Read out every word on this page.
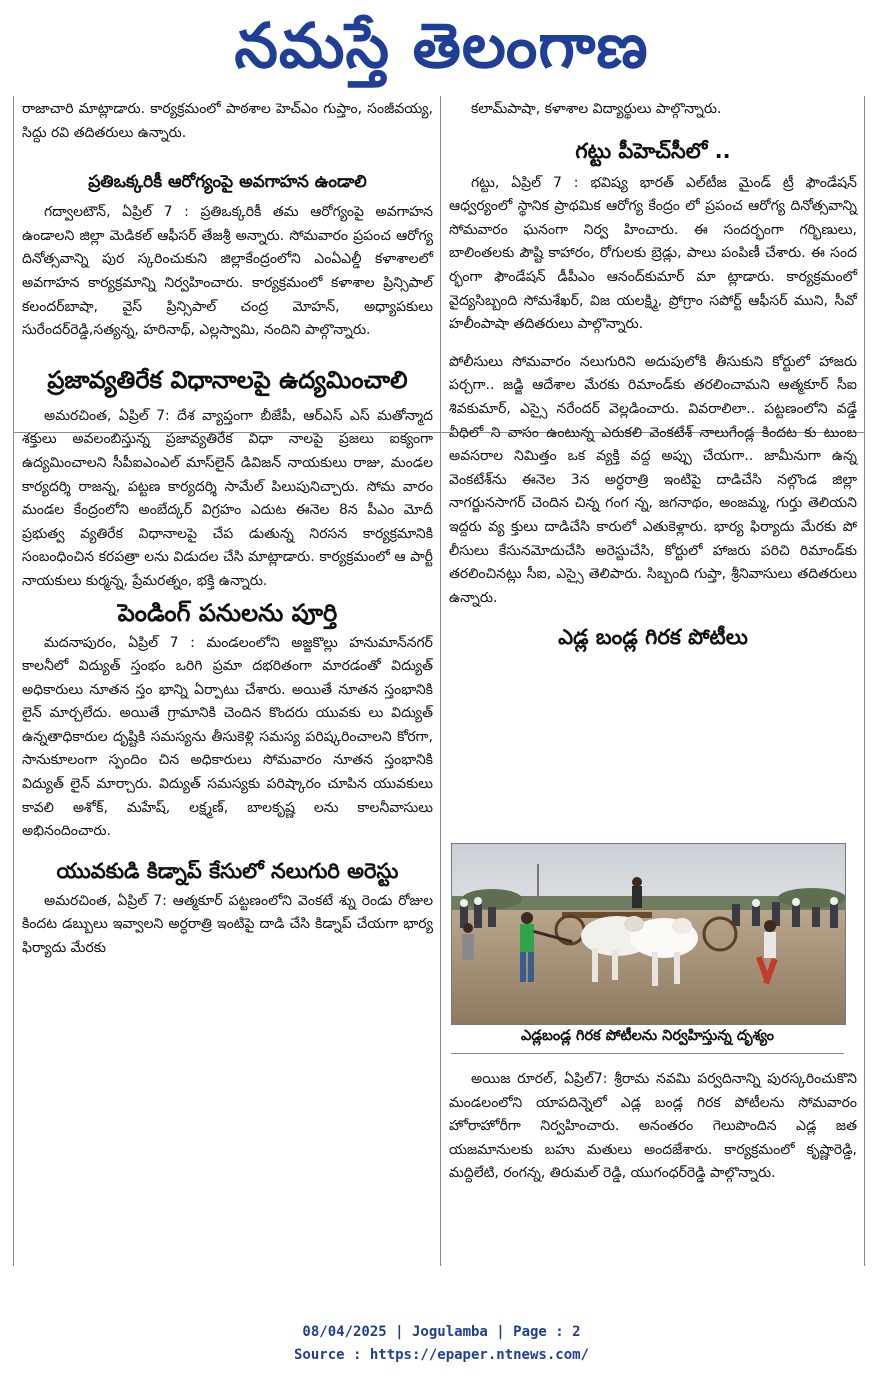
నమస్తే తెలంగాణ

రాజాచారి మాట్లాడారు. కార్యక్రమంలో పాఠశాల హెచ్ఎం గుప్తాం, సంజీవయ్య, సిద్దు రవి తదితరులు ఉన్నారు.

ప్రతిఒక్కరికీ ఆరోగ్యంపై అవగాహన ఉండాలి

గద్వాలటౌన్, ఏప్రిల్ 7 : ప్రతిఒక్కరికీ తమ ఆరోగ్యంపై అవగాహన ఉండాలని జిల్లా మెడికల్ ఆఫీసర్ తేజశ్రీ అన్నారు. సోమవారం ప్రపంచ ఆరోగ్య దినోత్సవాన్ని పుర స్కరించుకుని జిల్లాకేంద్రంలోని ఎంఏఎల్డీ కళాశాలలో అవగాహన కార్యక్రమాన్ని నిర్వహించారు. కార్యక్రమంలో కళాశాల ప్రిన్సిపాల్ కలందర్‌బాషా, వైస్ ప్రిన్సిపాల్ చంద్ర మోహన్, అధ్యాపకులు సురేందర్‌రెడ్డి,సత్యన్న, హరినాథ్, ఎల్లస్వామి, నందిని పాల్గొన్నారు.

ప్రజావ్యతిరేక విధానాలపై ఉద్యమించాలి

అమరచింత, ఏప్రిల్ 7: దేశ వ్యాప్తంగా బీజేపీ, ఆర్ఎస్ ఎస్ మతోన్మాద శక్తులు అవలంబిస్తున్న ప్రజావ్యతిరేక విధా నాలపై ప్రజలు ఐక్యంగా ఉద్యమించాలని సీపీఐఎంఎల్ మాస్‌లైన్ డివిజన్ నాయకులు రాజు, మండల కార్యదర్శి రాజన్న, పట్టణ కార్యదర్శి సామేల్ పిలుపునిచ్చారు. సోమ వారం మండల కేంద్రంలోని అంబేద్కర్ విగ్రహం ఎదుట ఈనెల 8న పీఎం మోదీ ప్రభుత్వ వ్యతిరేక విధానాలపై చేప డుతున్న నిరసన కార్యక్రమానికి సంబంధించిన కరపత్రా లను విడుదల చేసి మాట్లాడారు. కార్యక్రమంలో ఆ పార్టీ నాయకులు కుర్మన్న, ప్రేమరత్నం, భక్తి ఉన్నారు.

పెండింగ్ పనులను పూర్తి

మదనాపురం, ఏప్రిల్ 7 : మండలంలోని అజ్జకొల్లు హనుమాన్‌నగర్ కాలనీలో విద్యుత్ స్తంభం ఒరిగి ప్రమా దభరితంగా మారడంతో విద్యుత్ అధికారులు నూతన స్తం భాన్ని ఏర్పాటు చేశారు. అయితే నూతన స్తంభానికి లైన్ మార్చలేదు. అయితే గ్రామానికి చెందిన కొందరు యువకు లు విద్యుత్ ఉన్నతాధికారుల దృష్టికి సమస్యను తీసుకెళ్లి సమస్య పరిష్కరించాలని కోరగా, సానుకూలంగా స్పందిం చిన అధికారులు సోమవారం నూతన స్తంభానికి విద్యుత్ లైన్ మార్చారు. విద్యుత్ సమస్యకు పరిష్కారం చూపిన యువకులు కావలి అశోక్, మహేష్, లక్ష్మణ్, బాలకృష్ణ లను కాలనీవాసులు అభినందించారు.

యువకుడి కిడ్నాప్ కేసులో నలుగురి అరెస్టు

అమరచింత, ఏప్రిల్ 7: ఆత్మకూర్ పట్టణంలోని వెంకటే శ్ను రెండు రోజుల కిందట డబ్బులు ఇవ్వాలని అర్ధరాత్రి ఇంటిపై దాడి చేసి కిడ్నాప్ చేయగా భార్య ఫిర్యాదు మేరకు

కలామ్‌పాషా, కళాశాల విద్యార్థులు పాల్గొన్నారు.

గట్టు పీహెచ్‌సీలో ..

గట్టు, ఏప్రిల్ 7 : భవిష్య భారత్ ఎల్‌టీజ మైండ్ ట్రీ ఫౌండేషన్ ఆధ్వర్యంలో స్థానిక ప్రాథమిక ఆరోగ్య కేంద్రం లో ప్రపంచ ఆరోగ్య దినోత్సవాన్ని సోమవారం ఘనంగా నిర్వ హించారు. ఈ సందర్భంగా గర్భిణులు, బాలింతలకు పౌష్టి కాహారం, రోగులకు బ్రెడ్లు, పాలు పంపిణీ చేశారు. ఈ సంద ర్భంగా ఫౌండేషన్ డీపీఎం ఆనంద్‌కుమార్ మా ట్లాడారు. కార్యక్రమంలో వైద్యసిబ్బంది సోమశేఖర్, విజ యలక్ష్మి, ప్రోగ్రాం సపోర్ట్ ఆఫీసర్ ముని, సీవో హలీంపాషా తదితరులు పాల్గొన్నారు.

పోలీసులు సోమవారం నలుగురిని అదుపులోకి తీసుకుని కోర్టులో హాజరు పర్చగా.. జడ్జి ఆదేశాల మేరకు రిమాండ్‌కు తరలించామని ఆత్మకూర్ సీఐ శివకుమార్, ఎస్సై నరేందర్ వెల్లడించారు. వివరాలిలా.. పట్టణంలోని వడ్డే వీధిలో ని వాసం ఉంటున్న ఎరుకలి వెంకటేశ్ నాలుగేండ్ల కిందట కు టుంబ అవసరాల నిమిత్తం ఒక వ్యక్తి వద్ద అప్పు చేయగా.. జామీనుగా ఉన్న వెంకటేశ్‌ను ఈనెల 3న అర్ధరాత్రి ఇంటిపై దాడిచేసి నల్గొండ జిల్లా నాగర్జునసాగర్ చెందిన చిన్న గంగ న్న, జగనాథం, అంజమ్మ, గుర్తు తెలియని ఇద్దరు వ్య క్తులు దాడిచేసి కారులో ఎతుకెళ్లారు. భార్య ఫిర్యాదు మేరకు పో లీసులు కేసునమోదుచేసి అరెస్టుచేసి, కోర్టులో హాజరు పరిచి రిమాండ్‌కు తరలించినట్లు సీఐ, ఎస్సై తెలిపారు. సిబ్బంది గుప్తా, శ్రీనివాసులు తదితరులు ఉన్నారు.

ఎడ్ల బండ్ల గిరక పోటీలు

ఎడ్లబండ్ల గిరక పోటీలను నిర్వహిస్తున్న దృశ్యం

అయిజ రూరల్, ఏప్రిల్7: శ్రీరామ నవమి పర్వదినాన్ని పురస్కరించుకొని మండలంలోని యాపదిన్నెలో ఎడ్ల బండ్ల గిరక పోటీలను సోమవారం హోరాహోరీగా నిర్వహించారు. అనంతరం గెలుపొందిన ఎడ్ల జత యజమానులకు బహు మతులు అందజేశారు. కార్యక్రమంలో కృష్ణారెడ్డి, మద్దిలేటి, రంగన్న, తిరుమల్ రెడ్డి, యుగంధర్‌రెడ్డి పాల్గొన్నారు.

08/04/2025 | Jogulamba | Page : 2
Source : https://epaper.ntnews.com/
